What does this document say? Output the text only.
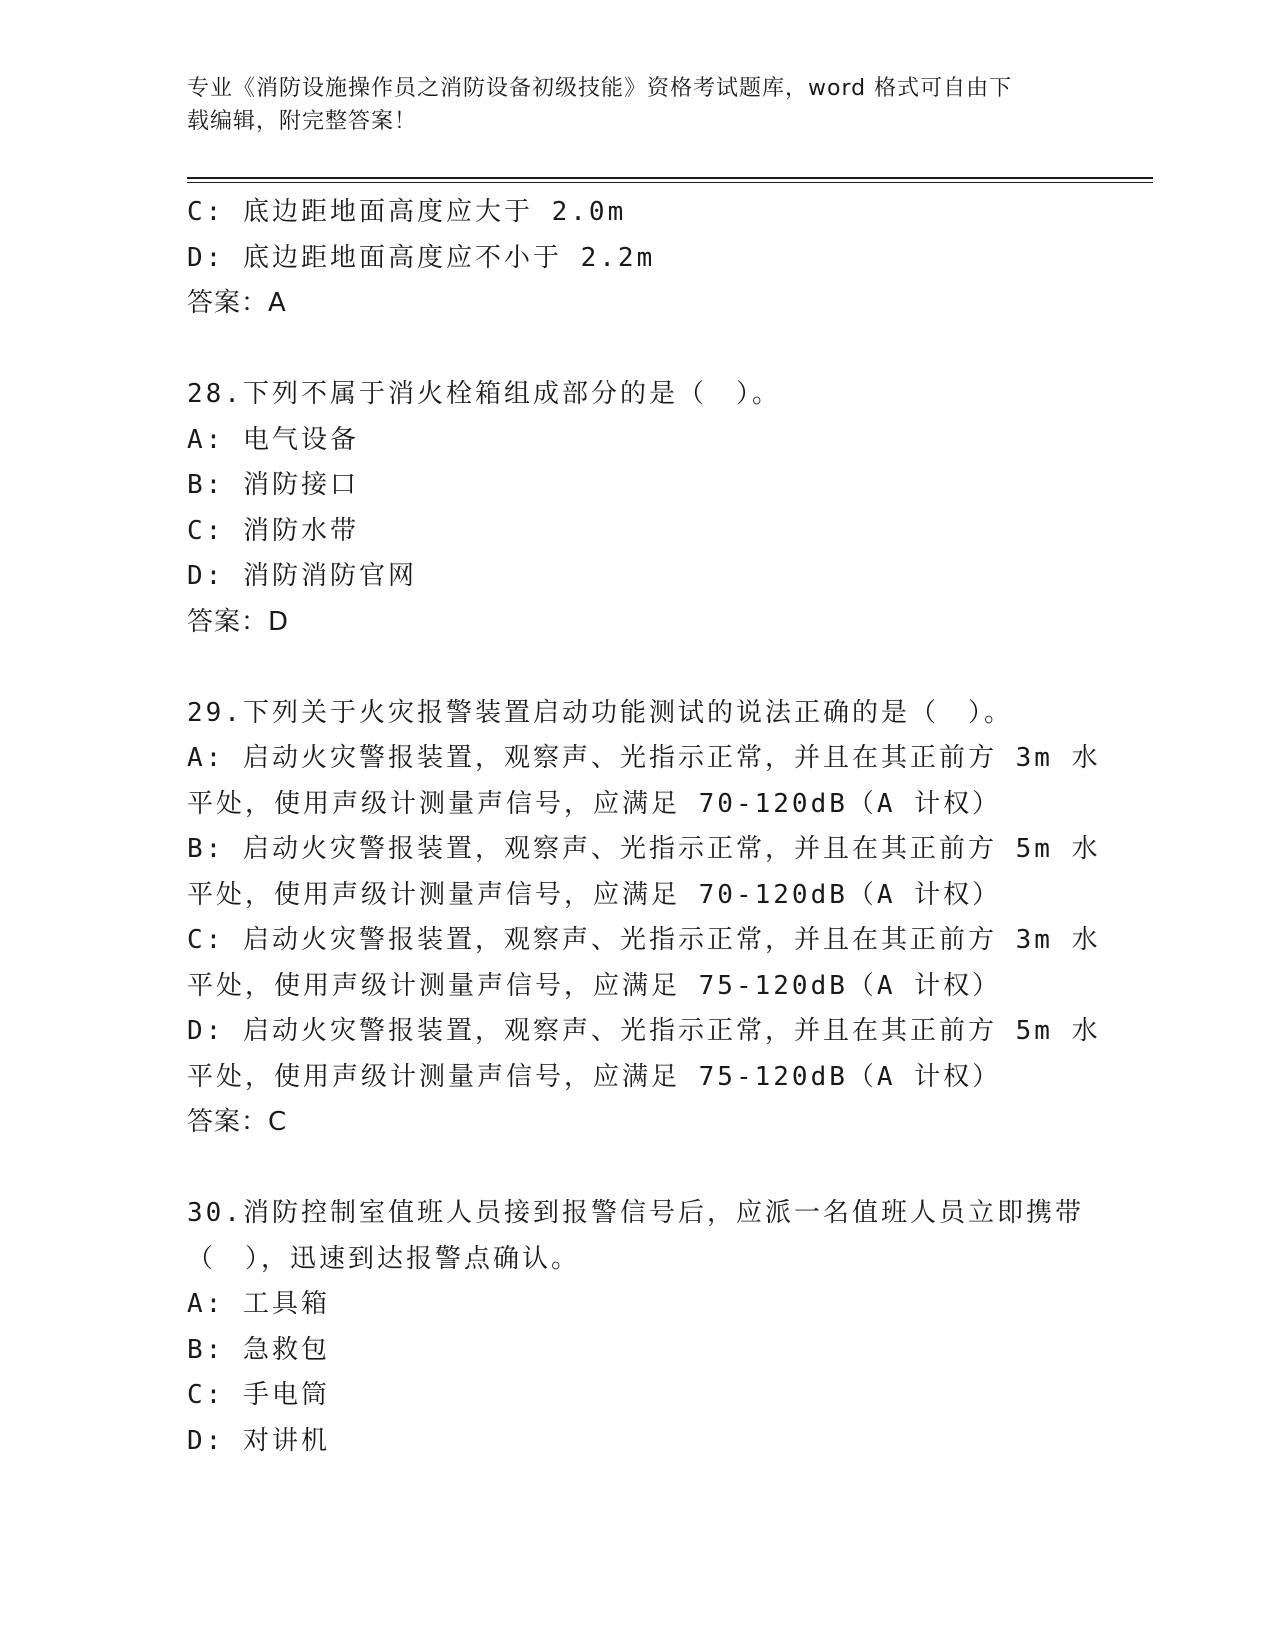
专业《消防设施操作员之消防设备初级技能》资格考试题库，word 格式可自由下
载编辑，附完整答案！
C: 底边距地面高度应大于 2.0m
D: 底边距地面高度应不小于 2.2m
答案：A
28.下列不属于消火栓箱组成部分的是（　）。
A: 电气设备
B: 消防接口
C: 消防水带
D: 消防消防官网
答案：D
29.下列关于火灾报警装置启动功能测试的说法正确的是（　）。
A: 启动火灾警报装置，观察声、光指示正常，并且在其正前方 3m 水
平处，使用声级计测量声信号，应满足 70-120dB（A 计权）
B: 启动火灾警报装置，观察声、光指示正常，并且在其正前方 5m 水
平处，使用声级计测量声信号，应满足 70-120dB（A 计权）
C: 启动火灾警报装置，观察声、光指示正常，并且在其正前方 3m 水
平处，使用声级计测量声信号，应满足 75-120dB（A 计权）
D: 启动火灾警报装置，观察声、光指示正常，并且在其正前方 5m 水
平处，使用声级计测量声信号，应满足 75-120dB（A 计权）
答案：C
30.消防控制室值班人员接到报警信号后，应派一名值班人员立即携带
（　），迅速到达报警点确认。
A: 工具箱
B: 急救包
C: 手电筒
D: 对讲机
